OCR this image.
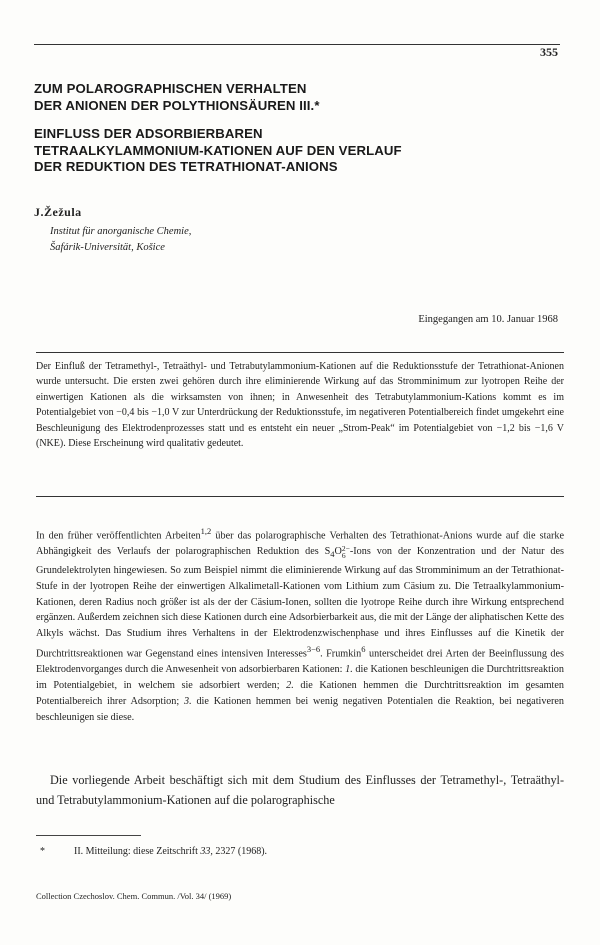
355
ZUM POLAROGRAPHISCHEN VERHALTEN
DER ANIONEN DER POLYTHIONSÄUREN III.*
EINFLUSS DER ADSORBIERBAREN
TETRAALKYLAMMONIUM-KATIONEN AUF DEN VERLAUF
DER REDUKTION DES TETRATHIONAT-ANIONS
J.Žežula
Institut für anorganische Chemie,
Šafárik-Universität, Košice
Eingegangen am 10. Januar 1968
Der Einfluß der Tetramethyl-, Tetraäthyl- und Tetrabutylammonium-Kationen auf die Reduktionsstufe der Tetrathionat-Anionen wurde untersucht. Die ersten zwei gehören durch ihre eliminierende Wirkung auf das Stromminimum zur lyotropen Reihe der einwertigen Kationen als die wirksamsten von ihnen; in Anwesenheit des Tetrabutylammonium-Kations kommt es im Potentialgebiet von −0,4 bis −1,0 V zur Unterdrückung der Reduktionsstufe, im negativeren Potentialbereich findet umgekehrt eine Beschleunigung des Elektrodenprozesses statt und es entsteht ein neuer „Strom-Peak“ im Potentialgebiet von −1,2 bis −1,6 V (NKE). Diese Erscheinung wird qualitativ gedeutet.
In den früher veröffentlichten Arbeiten$^{1,2}$ über das polarographische Verhalten des Tetrathionat-Anions wurde auf die starke Abhängigkeit des Verlaufs der polarographischen Reduktion des $S_4O$ 2−
6 -Ions von der Konzentration und der Natur des Grundelektrolyten hingewiesen. So zum Beispiel nimmt die eliminierende Wirkung auf das Stromminimum an der Tetrathionat-Stufe in der lyotropen Reihe der einwertigen Alkalimetall-Kationen vom Lithium zum Cäsium zu. Die Tetraalkylammonium-Kationen, deren Radius noch größer ist als der der Cäsium-Ionen, sollten die lyotrope Reihe durch ihre Wirkung entsprechend ergänzen. Außerdem zeichnen sich diese Kationen durch eine Adsorbierbarkeit aus, die mit der Länge der aliphatischen Kette des Alkyls wächst. Das Studium ihres Verhaltens in der Elektrodenzwischenphase und ihres Einflusses auf die Kinetik der Durchtrittsreaktionen war Gegenstand eines intensiven Interesses$^{3-6}$. Frumkin$^6$ unterscheidet drei Arten der Beeinflussung des Elektrodenvorganges durch die Anwesenheit von adsorbierbaren Kationen: 1. die Kationen beschleunigen die Durchtrittsreaktion im Potentialgebiet, in welchem sie adsorbiert werden; 2. die Kationen hemmen die Durchtrittsreaktion im gesamten Potentialbereich ihrer Adsorption; 3. die Kationen hemmen bei wenig negativen Potentialen die Reaktion, bei negativeren beschleunigen sie diese.
Die vorliegende Arbeit beschäftigt sich mit dem Studium des Einflusses der Tetramethyl-, Tetraäthyl- und Tetrabutylammonium-Kationen auf die polarographische
*	II. Mitteilung: diese Zeitschrift 33, 2327 (1968).
Collection Czechoslov. Chem. Commun. /Vol. 34/ (1969)
